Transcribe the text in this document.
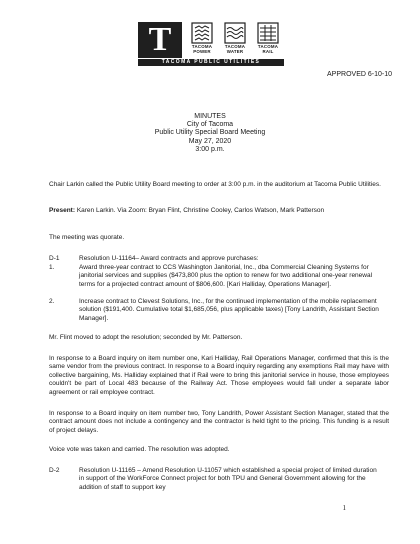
T	TACOMA
POWER
TACOMA
WATER
TACOMA
RAIL
TACOMA PUBLIC UTILITIES
APPROVED 6-10-10
MINUTES
City of Tacoma
Public Utility Special Board Meeting
May 27, 2020
3:00 p.m.
Chair Larkin called the Public Utility Board meeting to order at 3:00 p.m. in the auditorium at Tacoma Public Utilities.
Present: Karen Larkin. Via Zoom: Bryan Flint, Christine Cooley, Carlos Watson, Mark Patterson
The meeting was quorate.
D-1	Resolution U-11164– Award contracts and approve purchases:
1.	Award three-year contract to CCS Washington Janitorial, Inc., dba Commercial Cleaning Systems for janitorial services and supplies ($473,800 plus the option to renew for two additional one-year renewal terms for a projected contract amount of $806,600. [Kari Halliday, Operations Manager].
2.	Increase contract to Clevest Solutions, Inc., for the continued implementation of the mobile replacement solution ($191,400. Cumulative total $1,685,056, plus applicable taxes) [Tony Landrith, Assistant Section Manager].
Mr. Flint moved to adopt the resolution; seconded by Mr. Patterson.
In response to a Board inquiry on item number one, Kari Halliday, Rail Operations Manager, confirmed that this is the same vendor from the previous contract. In response to a Board inquiry regarding any exemptions Rail may have with collective bargaining, Ms. Halliday explained that if Rail were to bring this janitorial service in house, those employees couldn't be part of Local 483 because of the Railway Act. Those employees would fall under a separate labor agreement or rail employee contract.
In response to a Board inquiry on item number two, Tony Landrith, Power Assistant Section Manager, stated that the contract amount does not include a contingency and the contractor is held tight to the pricing. This funding is a result of project delays.
Voice vote was taken and carried. The resolution was adopted.
D-2	Resolution U-11165 – Amend Resolution U-11057 which established a special project of limited duration in support of the WorkForce Connect project for both TPU and General Government allowing for the addition of staff to support key
1
